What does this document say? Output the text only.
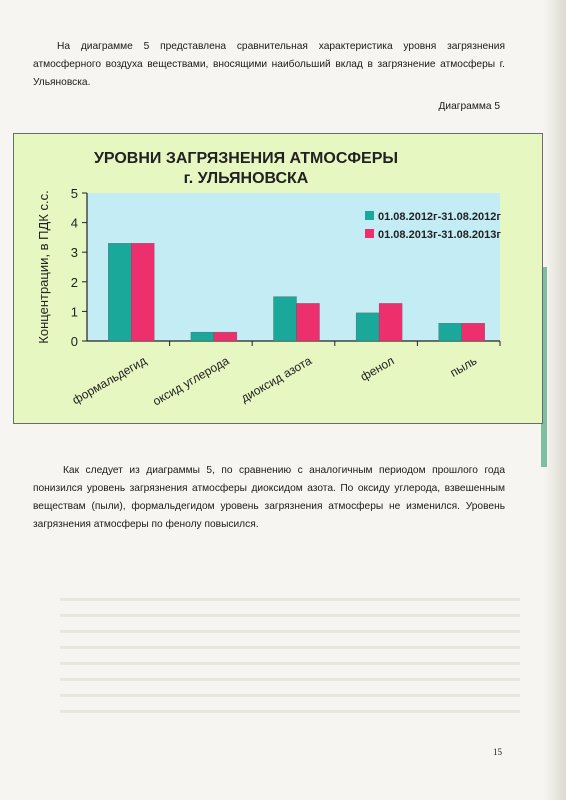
На диаграмме 5 представлена сравнительная характеристика уровня загрязнения атмосферного воздуха веществами, вносящими наибольший вклад в загрязнение атмосферы г. Ульяновска.
Диаграмма 5
УРОВНИ ЗАГРЯЗНЕНИЯ АТМОСФЕРЫ
г. УЛЬЯНОВСКА
0
1
2
3
4
5
Концентрации, в ПДК с.с.
формальдегид оксид углерода диоксид азота	фенол	пыль
01.08.2012г-31.08.2012г
01.08.2013г-31.08.2013г
Как следует из диаграммы 5, по сравнению с аналогичным периодом прошлого года понизился уровень загрязнения атмосферы диоксидом азота. По оксиду углерода, взвешенным веществам (пыли), формальдегидом уровень загрязнения атмосферы не изменился. Уровень загрязнения атмосферы по фенолу повысился.
15
